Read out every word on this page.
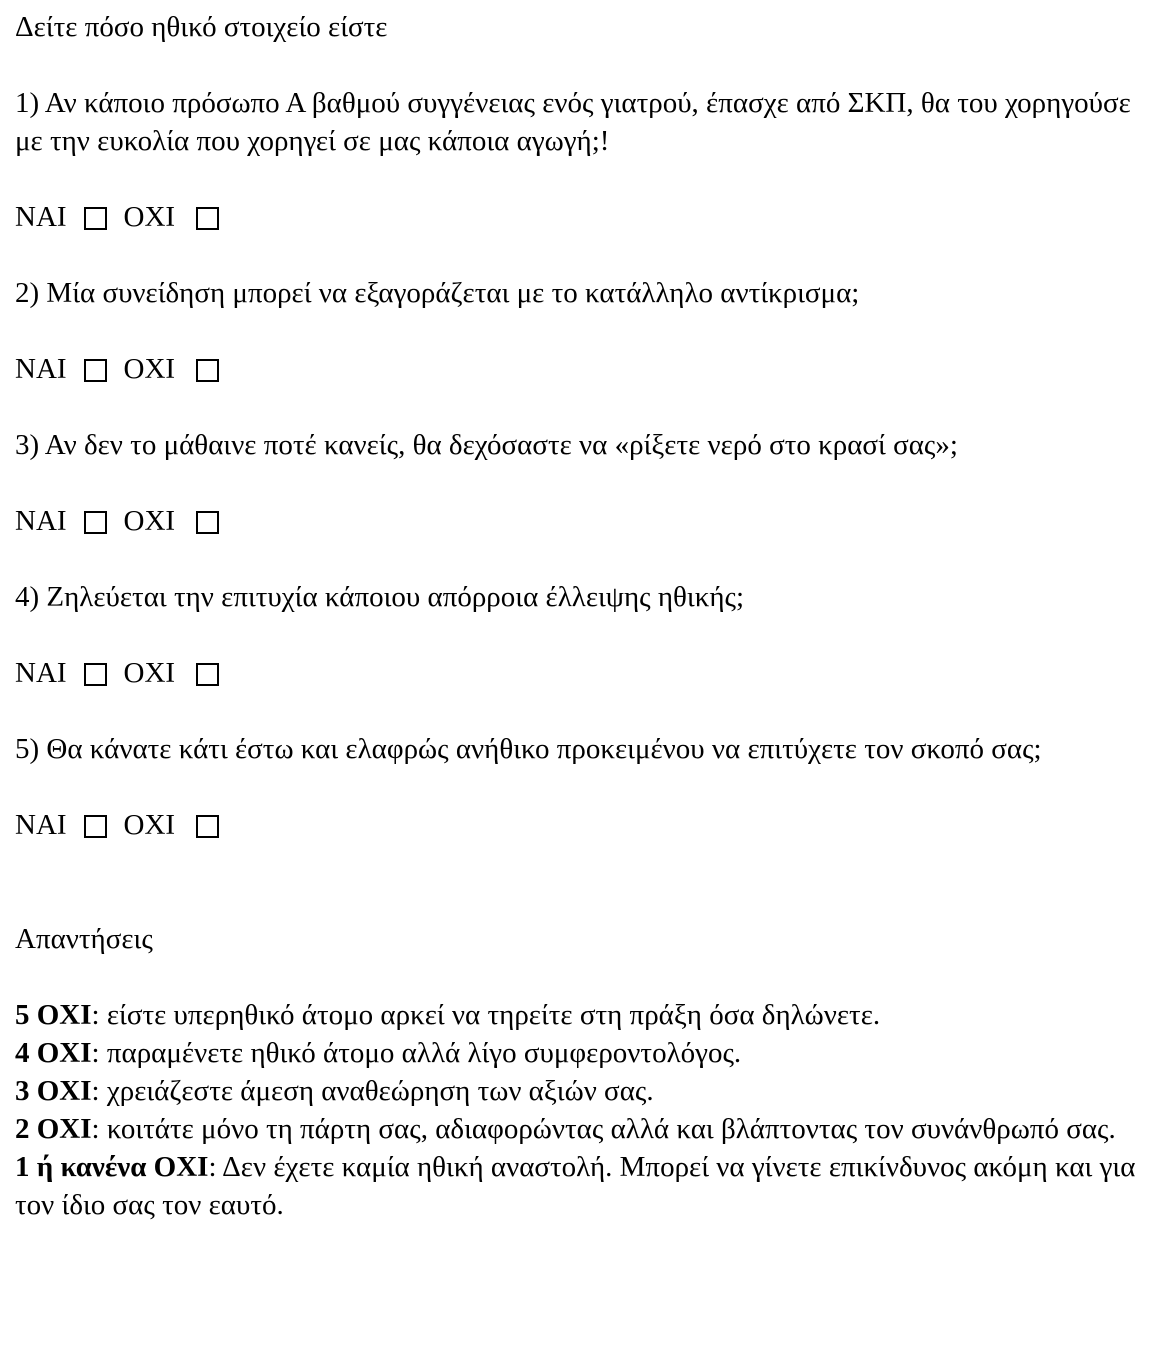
Δείτε πόσο ηθικό στοιχείο είστε
1) Αν κάποιο πρόσωπο Α βαθμού συγγένειας ενός γιατρού, έπασχε από ΣΚΠ, θα του χορηγούσε με την ευκολία που χορηγεί σε μας κάποια αγωγή;!
ΝΑΙ ΟΧΙ
2) Μία συνείδηση μπορεί να εξαγοράζεται με το κατάλληλο αντίκρισμα;
ΝΑΙ ΟΧΙ
3) Αν δεν το μάθαινε ποτέ κανείς, θα δεχόσαστε να «ρίξετε νερό στο κρασί σας»;
ΝΑΙ ΟΧΙ
4) Ζηλεύεται την επιτυχία κάποιου απόρροια έλλειψης ηθικής;
ΝΑΙ ΟΧΙ
5) Θα κάνατε κάτι έστω και ελαφρώς ανήθικο προκειμένου να επιτύχετε τον σκοπό σας;
ΝΑΙ ΟΧΙ
Απαντήσεις
5 ΟΧΙ: είστε υπερηθικό άτομο αρκεί να τηρείτε στη πράξη όσα δηλώνετε.
4 ΟΧΙ: παραμένετε ηθικό άτομο αλλά λίγο συμφεροντολόγος.
3 ΟΧΙ: χρειάζεστε άμεση αναθεώρηση των αξιών σας.
2 ΟΧΙ: κοιτάτε μόνο τη πάρτη σας, αδιαφορώντας αλλά και βλάπτοντας τον συνάνθρωπό σας.
1 ή κανένα ΟΧΙ: Δεν έχετε καμία ηθική αναστολή. Μπορεί να γίνετε επικίνδυνος ακόμη και για τον ίδιο σας τον εαυτό.
